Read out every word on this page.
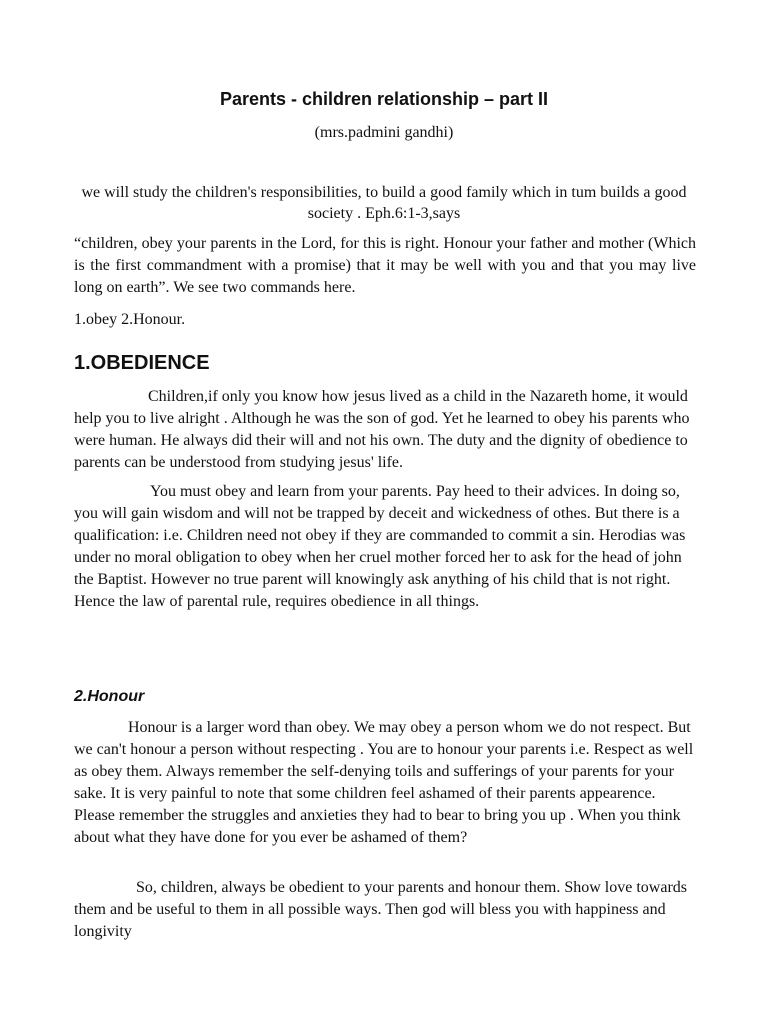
Parents - children relationship – part II

(mrs.padmini gandhi)

we will study the children's responsibilities, to build a good family which in tum builds a good society . Eph.6:1-3,says

“children, obey your parents in the Lord, for this is right. Honour your father and mother (Which is the first commandment with a promise) that it may be well with you and that you may live long on earth”. We see two commands here.

1.obey 2.Honour.

1.OBEDIENCE

Children,if only you know how jesus lived as a child in the Nazareth home, it would help you to live alright . Although he was the son of god. Yet he learned to obey his parents who were human. He always did their will and not his own. The duty and the dignity of obedience to parents can be understood from studying jesus' life.

You must obey and learn from your parents. Pay heed to their advices. In doing so, you will gain wisdom and will not be trapped by deceit and wickedness of othes. But there is a qualification: i.e. Children need not obey if they are commanded to commit a sin. Herodias was under no moral obligation to obey when her cruel mother forced her to ask for the head of john the Baptist. However no true parent will knowingly ask anything of his child that is not right. Hence the law of parental rule, requires obedience in all things.

2.Honour

Honour is a larger word than obey. We may obey a person whom we do not respect. But we can't honour a person without respecting . You are to honour your parents i.e. Respect as well as obey them. Always remember the self-denying toils and sufferings of your parents for your sake. It is very painful to note that some children feel ashamed of their parents appearence. Please remember the struggles and anxieties they had to bear to bring you up . When you think about what they have done for you ever be ashamed of them?

So, children, always be obedient to your parents and honour them. Show love towards them and be useful to them in all possible ways. Then god will bless you with happiness and longivity
